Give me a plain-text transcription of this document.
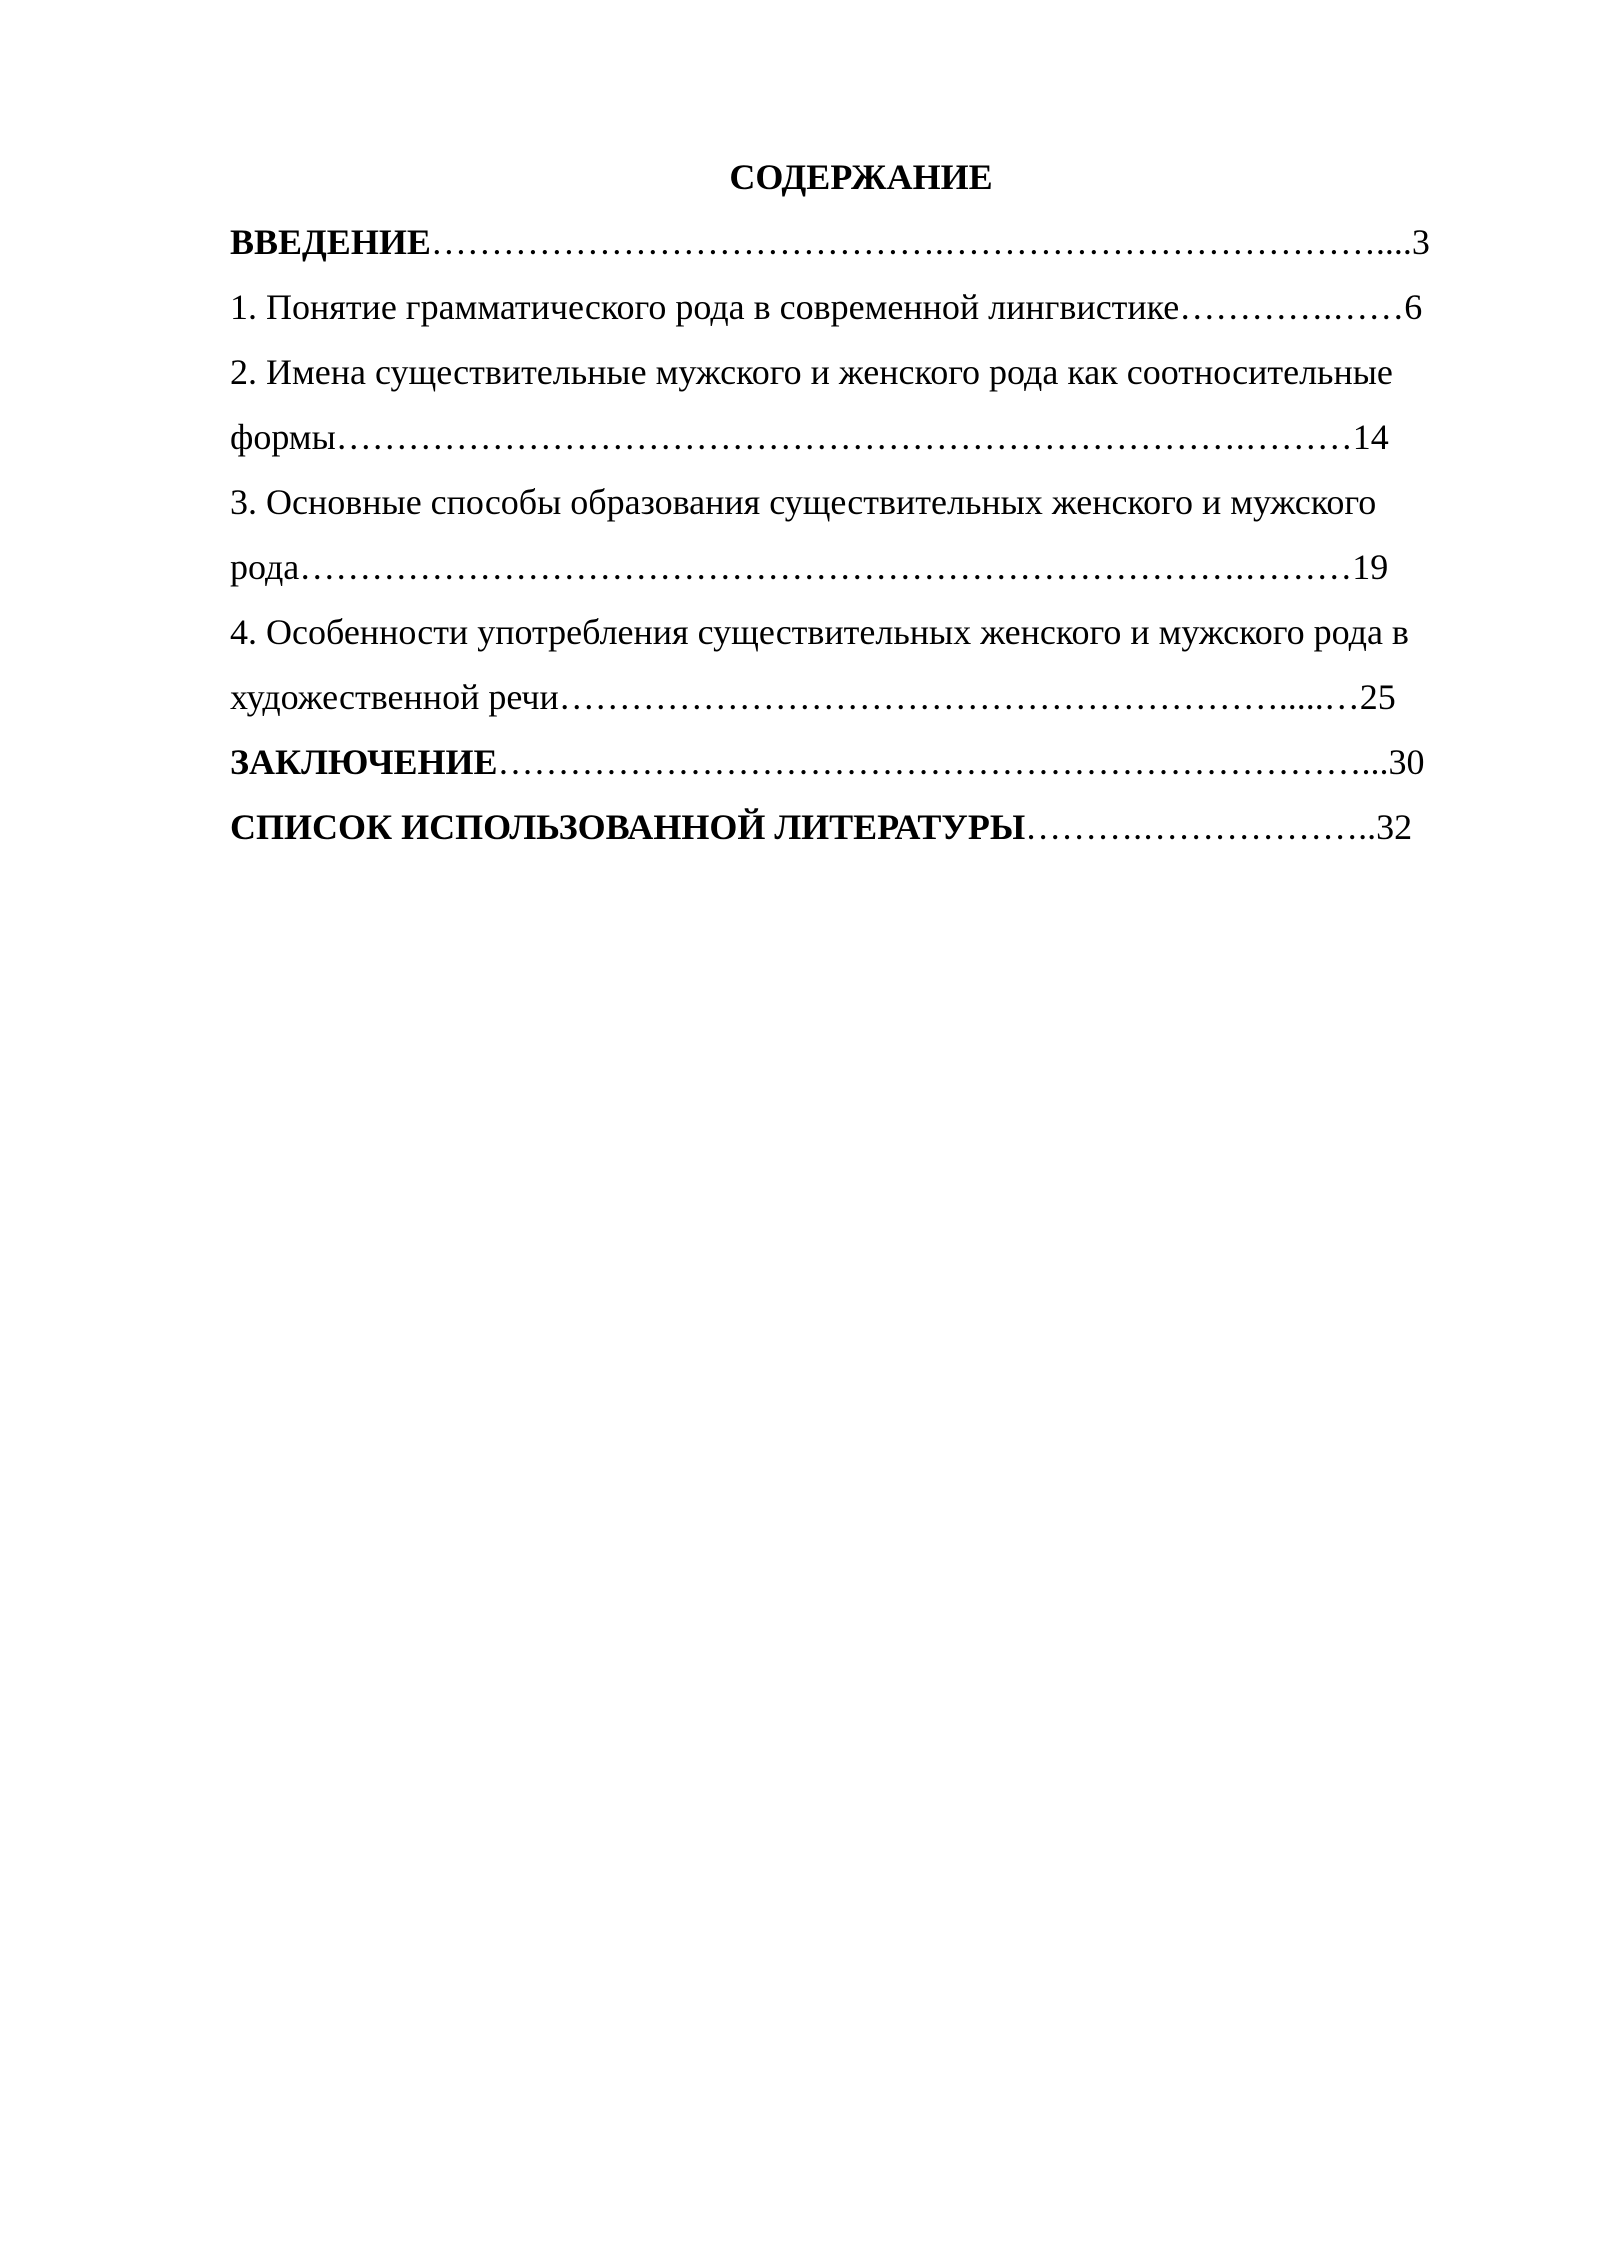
СОДЕРЖАНИЕ
ВВЕДЕНИЕ…………………………………….………………………………....3
1. Понятие грамматического рода в современной лингвистике………….……6
2. Имена существительные мужского и женского рода как соотносительные
формы………………………………………………………………….………14
3. Основные способы образования существительных женского и мужского
рода…………………………………………………………………….………19
4. Особенности употребления существительных женского и мужского рода в
художественной речи…………………………………………………….....…25
ЗАКЛЮЧЕНИЕ………………………………………………………………...30
СПИСОК ИСПОЛЬЗОВАННОЙ ЛИТЕРАТУРЫ……….………………..32
